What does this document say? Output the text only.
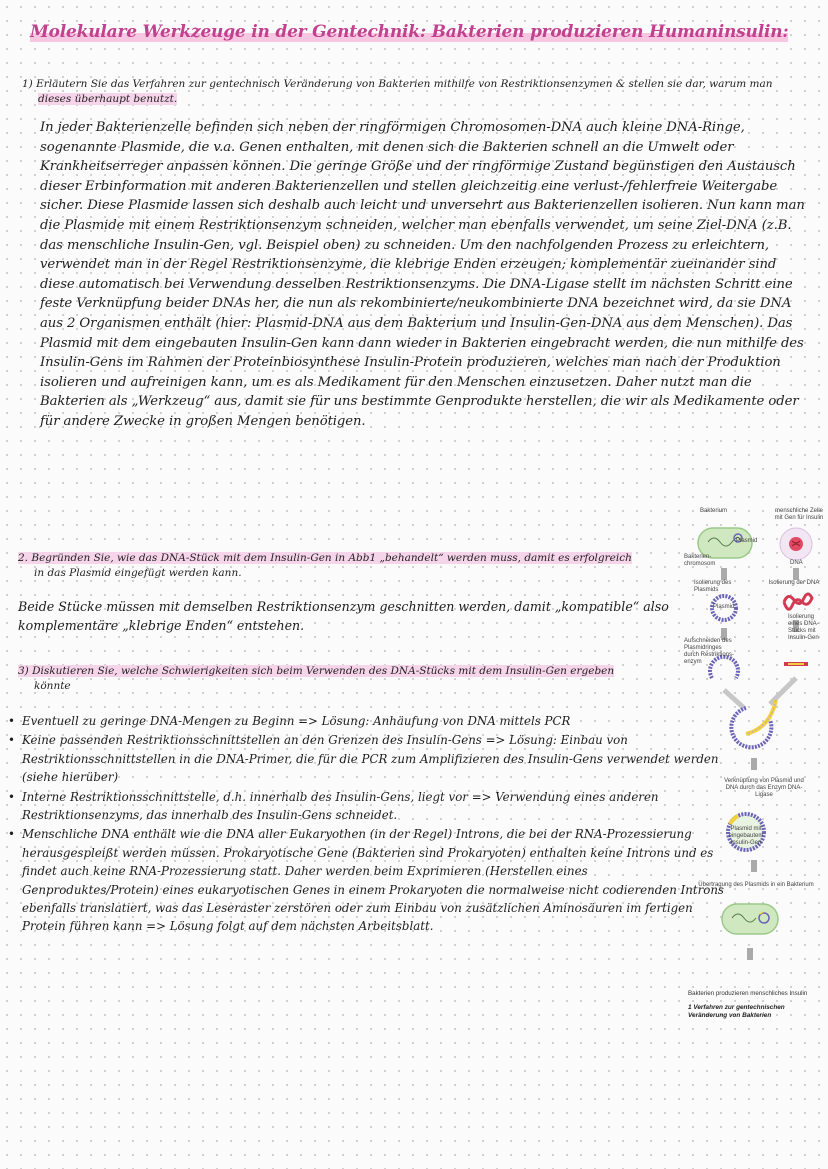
Molekulare Werkzeuge in der Gentechnik: Bakterien produzieren Humaninsulin:
1) Erläutern Sie das Verfahren zur gentechnisch Veränderung von Bakterien mithilfe von Restriktionsenzymen & stellen sie dar, warum man
dieses überhaupt benutzt.
In jeder Bakterienzelle befinden sich neben der ringförmigen Chromosomen-DNA auch kleine DNA-Ringe, sogenannte Plasmide, die v.a. Genen enthalten, mit denen sich die Bakterien schnell an die Umwelt oder Krankheitserreger anpassen können. Die geringe Größe und der ringförmige Zustand begünstigen den Austausch dieser Erbinformation mit anderen Bakterienzellen und stellen gleichzeitig eine verlust-/fehlerfreie Weitergabe sicher. Diese Plasmide lassen sich deshalb auch leicht und unversehrt aus Bakterienzellen isolieren. Nun kann man die Plasmide mit einem Restriktionsenzym schneiden, welcher man ebenfalls verwendet, um seine Ziel-DNA (z.B. das menschliche Insulin-Gen, vgl. Beispiel oben) zu schneiden. Um den nachfolgenden Prozess zu erleichtern, verwendet man in der Regel Restriktionsenzyme, die klebrige Enden erzeugen; komplementär zueinander sind diese automatisch bei Verwendung desselben Restriktionsenzyms. Die DNA-Ligase stellt im nächsten Schritt eine feste Verknüpfung beider DNAs her, die nun als rekombinierte/neukombinierte DNA bezeichnet wird, da sie DNA aus 2 Organismen enthält (hier: Plasmid-DNA aus dem Bakterium und Insulin-Gen-DNA aus dem Menschen). Das Plasmid mit dem eingebauten Insulin-Gen kann dann wieder in Bakterien eingebracht werden, die nun mithilfe des Insulin-Gens im Rahmen der Proteinbiosynthese Insulin-Protein produzieren, welches man nach der Produktion isolieren und aufreinigen kann, um es als Medikament für den Menschen einzusetzen. Daher nutzt man die Bakterien als „Werkzeug“ aus, damit sie für uns bestimmte Genprodukte herstellen, die wir als Medikamente oder für andere Zwecke in großen Mengen benötigen.
2. Begründen Sie, wie das DNA-Stück mit dem Insulin-Gen in Abb1 „behandelt“ werden muss, damit es erfolgreich
in das Plasmid eingefügt werden kann.
Beide Stücke müssen mit demselben Restriktionsenzym geschnitten werden, damit „kompatible“ also komplementäre „klebrige Enden“ entstehen.
3) Diskutieren Sie, welche Schwierigkeiten sich beim Verwenden des DNA-Stücks mit dem Insulin-Gen ergeben
könnte
• Eventuell zu geringe DNA-Mengen zu Beginn => Lösung: Anhäufung von DNA mittels PCR
• Keine passenden Restriktionsschnittstellen an den Grenzen des Insulin-Gens => Lösung: Einbau von Restriktionsschnittstellen in die DNA-Primer, die für die PCR zum Amplifizieren des Insulin-Gens verwendet werden (siehe hierüber)
• Interne Restriktionsschnittstelle, d.h. innerhalb des Insulin-Gens, liegt vor => Verwendung eines anderen Restriktionsenzyms, das innerhalb des Insulin-Gens schneidet.
• Menschliche DNA enthält wie die DNA aller Eukaryothen (in der Regel) Introns, die bei der RNA-Prozessierung herausgespleißt werden müssen. Prokaryotische Gene (Bakterien sind Prokaryoten) enthalten keine Introns und es findet auch keine RNA-Prozessierung statt. Daher werden beim Exprimieren (Herstellen eines Genproduktes/Protein) eines eukaryotischen Genes in einem Prokaryoten die normalweise nicht codierenden Introns ebenfalls translatiert, was das Leseraster zerstören oder zum Einbau von zusätzlichen Aminosäuren im fertigen Protein führen kann => Lösung folgt auf dem nächsten Arbeitsblatt.
Bakterium	menschliche Zelle mit Gen für Insulin
Plasmid
Bakterien-chromosom	DNA
Isolierung des Plasmids
Isolierung der DNA
Plasmid
Aufschneiden des Plasmidringes durch Restriktions-enzym
Isolierung eines DNA-Stücks mit Insulin-Gen
Verknüpfung von Plasmid und DNA durch das Enzym DNA-Ligase
Plasmid mit eingebautem Insulin-Gen
Übertragung des Plasmids in ein Bakterium
Bakterien produzieren menschliches Insulin
1 Verfahren zur gentechnischen Veränderung von Bakterien
